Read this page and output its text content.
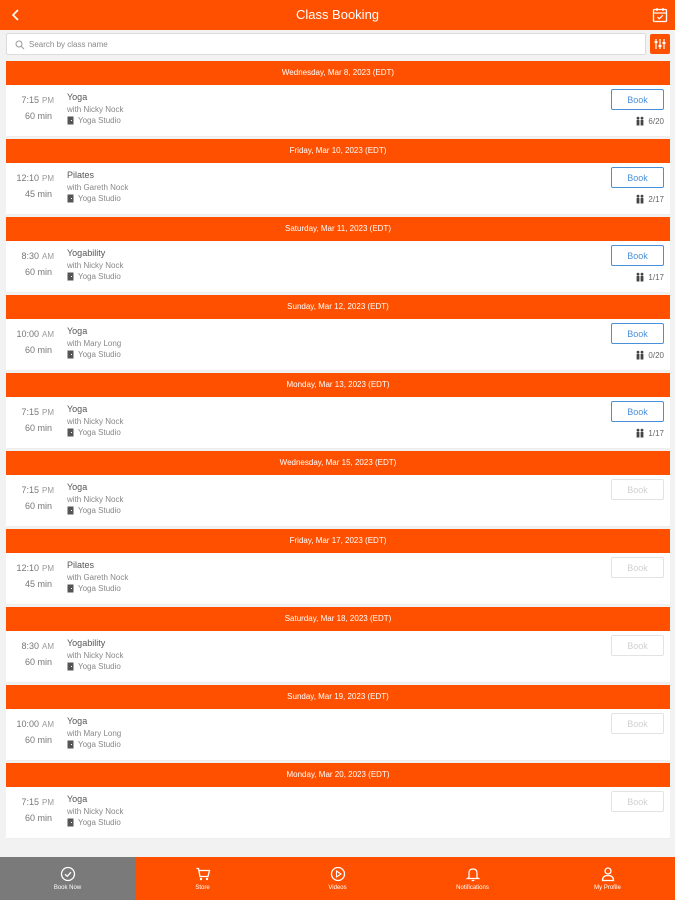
Class Booking
Search by class name
Wednesday, Mar 8, 2023 (EDT)
7:15 PM
60 min
Yoga
with Nicky Nock
Yoga Studio
Book
6/20
Friday, Mar 10, 2023 (EDT)
12:10 PM
45 min
Pilates
with Gareth Nock
Yoga Studio
Book
2/17
Saturday, Mar 11, 2023 (EDT)
8:30 AM
60 min
Yogability
with Nicky Nock
Yoga Studio
Book
1/17
Sunday, Mar 12, 2023 (EDT)
10:00 AM
60 min
Yoga
with Mary Long
Yoga Studio
Book
0/20
Monday, Mar 13, 2023 (EDT)
7:15 PM
60 min
Yoga
with Nicky Nock
Yoga Studio
Book
1/17
Wednesday, Mar 15, 2023 (EDT)
7:15 PM
60 min
Yoga
with Nicky Nock
Yoga Studio
Book
Friday, Mar 17, 2023 (EDT)
12:10 PM
45 min
Pilates
with Gareth Nock
Yoga Studio
Book
Saturday, Mar 18, 2023 (EDT)
8:30 AM
60 min
Yogability
with Nicky Nock
Yoga Studio
Book
Sunday, Mar 19, 2023 (EDT)
10:00 AM
60 min
Yoga
with Mary Long
Yoga Studio
Book
Monday, Mar 20, 2023 (EDT)
7:15 PM
60 min
Yoga
with Nicky Nock
Yoga Studio
Book
Book Now	Store	Videos	Notifications	My Profile
